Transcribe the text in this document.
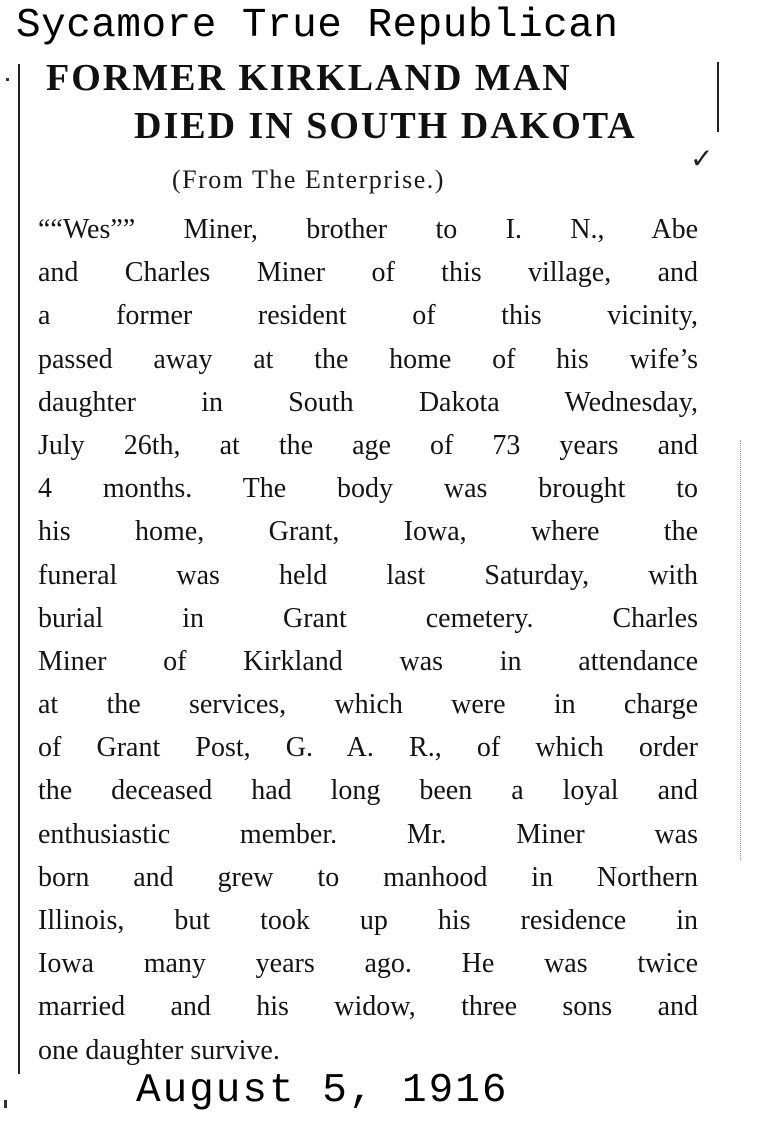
Sycamore True Republican
✓
FORMER KIRKLAND MAN
DIED IN SOUTH DAKOTA
(From The Enterprise.)
““Wes”” Miner, brother to I. N., Abe
and Charles Miner of this village, and
a former resident of this vicinity,
passed away at the home of his wife’s
daughter in South Dakota Wednesday,
July 26th, at the age of 73 years and
4 months. The body was brought to
his home, Grant, Iowa, where the
funeral was held last Saturday, with
burial in Grant cemetery. Charles
Miner of Kirkland was in attendance
at the services, which were in charge
of Grant Post, G. A. R., of which order
the deceased had long been a loyal and
enthusiastic member. Mr. Miner was
born and grew to manhood in Northern
Illinois, but took up his residence in
Iowa many years ago. He was twice
married and his widow, three sons and
one daughter survive.
August 5, 1916
